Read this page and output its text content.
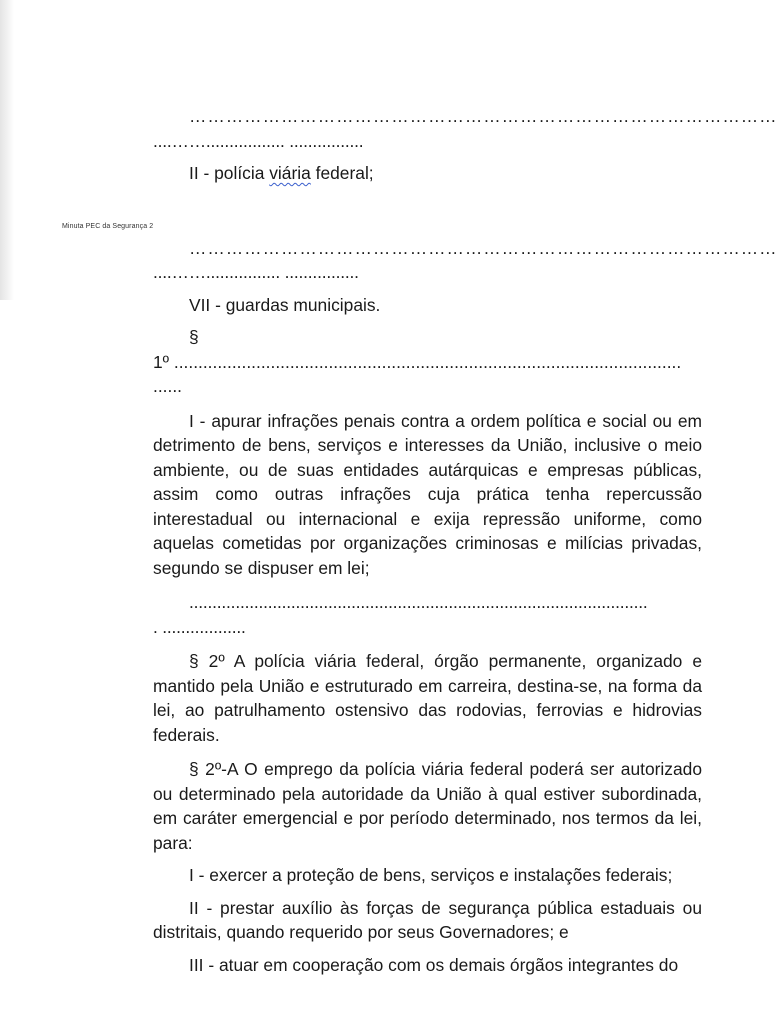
Minuta PEC da Segurança 2
……………………………………………………………………………………
....……................. ................
II - polícia viária federal;
……………………………………………………………………………………
....……................ ................
VII - guardas municipais.
§
1º .........................................................................................................
......
I - apurar infrações penais contra a ordem política e social ou em detrimento de bens, serviços e interesses da União, inclusive o meio ambiente, ou de suas entidades autárquicas e empresas públicas, assim como outras infrações cuja prática tenha repercussão interestadual ou internacional e exija repressão uniforme, como aquelas cometidas por organizações criminosas e milícias privadas, segundo se dispuser em lei;
...................................................................................................
. ..................
§ 2º A polícia viária federal, órgão permanente, organizado e mantido pela União e estruturado em carreira, destina-se, na forma da lei, ao patrulhamento ostensivo das rodovias, ferrovias e hidrovias federais.
§ 2º-A O emprego da polícia viária federal poderá ser autorizado ou determinado pela autoridade da União à qual estiver subordinada, em caráter emergencial e por período determinado, nos termos da lei, para:
I - exercer a proteção de bens, serviços e instalações federais;
II - prestar auxílio às forças de segurança pública estaduais ou distritais, quando requerido por seus Governadores; e
III - atuar em cooperação com os demais órgãos integrantes do
